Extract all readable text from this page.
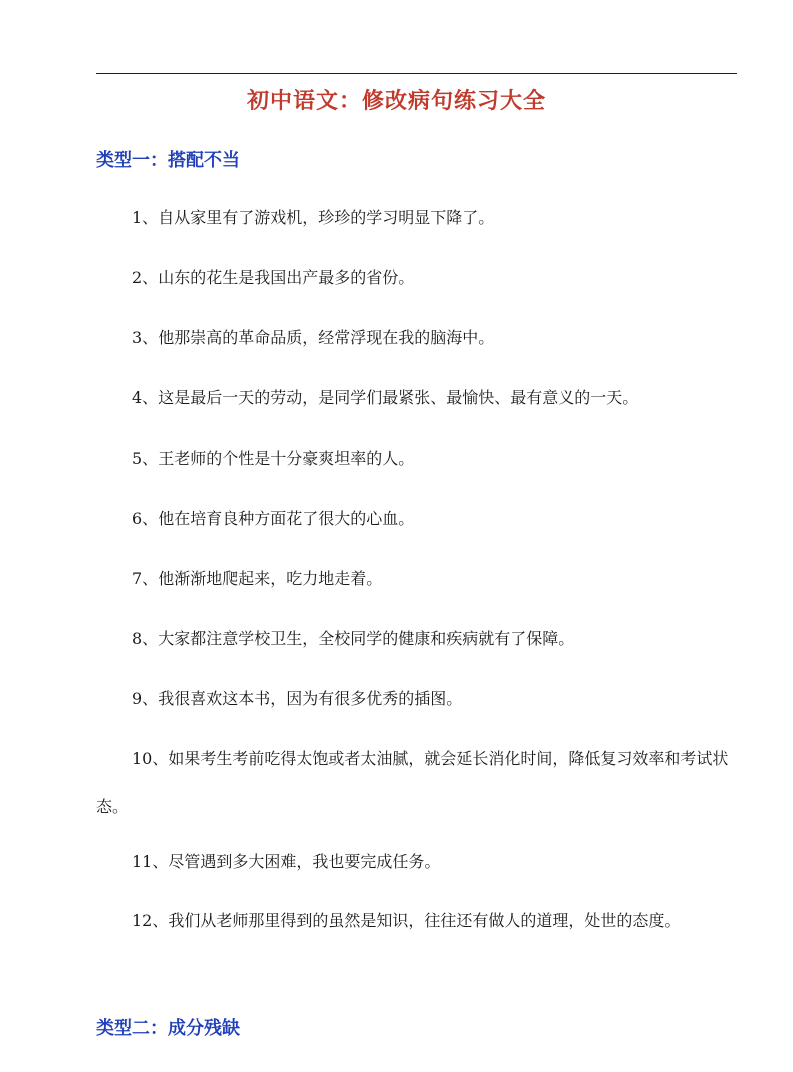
初中语文：修改病句练习大全
类型一：搭配不当
1、自从家里有了游戏机，珍珍的学习明显下降了。
2、山东的花生是我国出产最多的省份。
3、他那崇高的革命品质，经常浮现在我的脑海中。
4、这是最后一天的劳动，是同学们最紧张、最愉快、最有意义的一天。
5、王老师的个性是十分豪爽坦率的人。
6、他在培育良种方面花了很大的心血。
7、他渐渐地爬起来，吃力地走着。
8、大家都注意学校卫生，全校同学的健康和疾病就有了保障。
9、我很喜欢这本书，因为有很多优秀的插图。
10、如果考生考前吃得太饱或者太油腻，就会延长消化时间，降低复习效率和考试状态。
11、尽管遇到多大困难，我也要完成任务。
12、我们从老师那里得到的虽然是知识，往往还有做人的道理，处世的态度。
类型二：成分残缺
